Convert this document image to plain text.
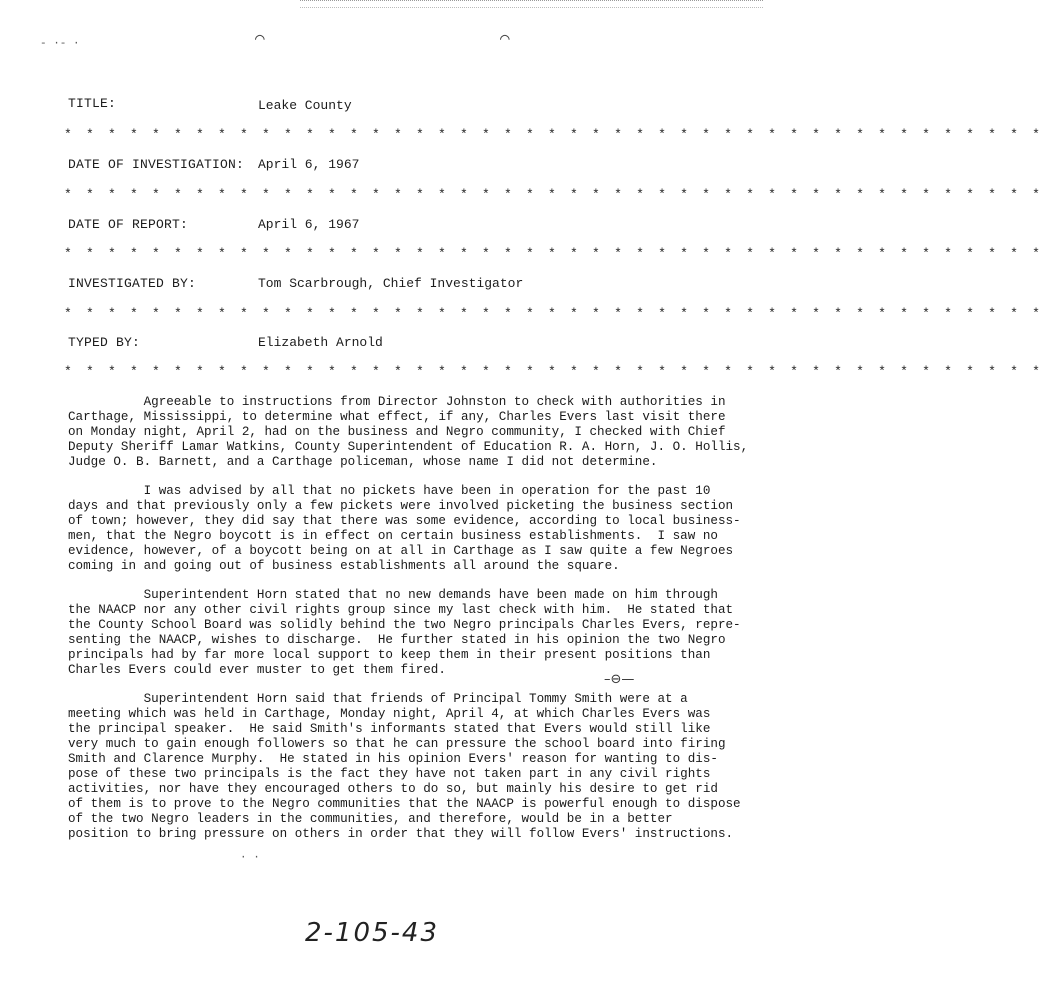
- ·- ·	⌒	⌒
TITLE:	Leake County
* * * * * * * * * * * * * * * * * * * * * * * * * * * * * * * * * * * * * * * * * * * * *
DATE OF INVESTIGATION: April 6, 1967
* * * * * * * * * * * * * * * * * * * * * * * * * * * * * * * * * * * * * * * * * * * * *
DATE OF REPORT:	April 6, 1967
* * * * * * * * * * * * * * * * * * * * * * * * * * * * * * * * * * * * * * * * * * * * *
INVESTIGATED BY:	Tom Scarbrough, Chief Investigator
* * * * * * * * * * * * * * * * * * * * * * * * * * * * * * * * * * * * * * * * * * * * *
TYPED BY:	Elizabeth Arnold
* * * * * * * * * * * * * * * * * * * * * * * * * * * * * * * * * * * * * * * * * * * * *
Agreeable to instructions from Director Johnston to check with authorities in
Carthage, Mississippi, to determine what effect, if any, Charles Evers last visit there
on Monday night, April 2, had on the business and Negro community, I checked with Chief
Deputy Sheriff Lamar Watkins, County Superintendent of Education R. A. Horn, J. O. Hollis,
Judge O. B. Barnett, and a Carthage policeman, whose name I did not determine.
I was advised by all that no pickets have been in operation for the past 10
days and that previously only a few pickets were involved picketing the business section
of town; however, they did say that there was some evidence, according to local business-
men, that the Negro boycott is in effect on certain business establishments.  I saw no
evidence, however, of a boycott being on at all in Carthage as I saw quite a few Negroes
coming in and going out of business establishments all around the square.
Superintendent Horn stated that no new demands have been made on him through
the NAACP nor any other civil rights group since my last check with him.  He stated that
the County School Board was solidly behind the two Negro principals Charles Evers, repre-
senting the NAACP, wishes to discharge.  He further stated in his opinion the two Negro
principals had by far more local support to keep them in their present positions than
Charles Evers could ever muster to get them fired.
–⊖—
Superintendent Horn said that friends of Principal Tommy Smith were at a
meeting which was held in Carthage, Monday night, April 4, at which Charles Evers was
the principal speaker.  He said Smith's informants stated that Evers would still like
very much to gain enough followers so that he can pressure the school board into firing
Smith and Clarence Murphy.  He stated in his opinion Evers' reason for wanting to dis-
pose of these two principals is the fact they have not taken part in any civil rights
activities, nor have they encouraged others to do so, but mainly his desire to get rid
of them is to prove to the Negro communities that the NAACP is powerful enough to dispose
of the two Negro leaders in the communities, and therefore, would be in a better
position to bring pressure on others in order that they will follow Evers' instructions.
· ·
2-105-43
